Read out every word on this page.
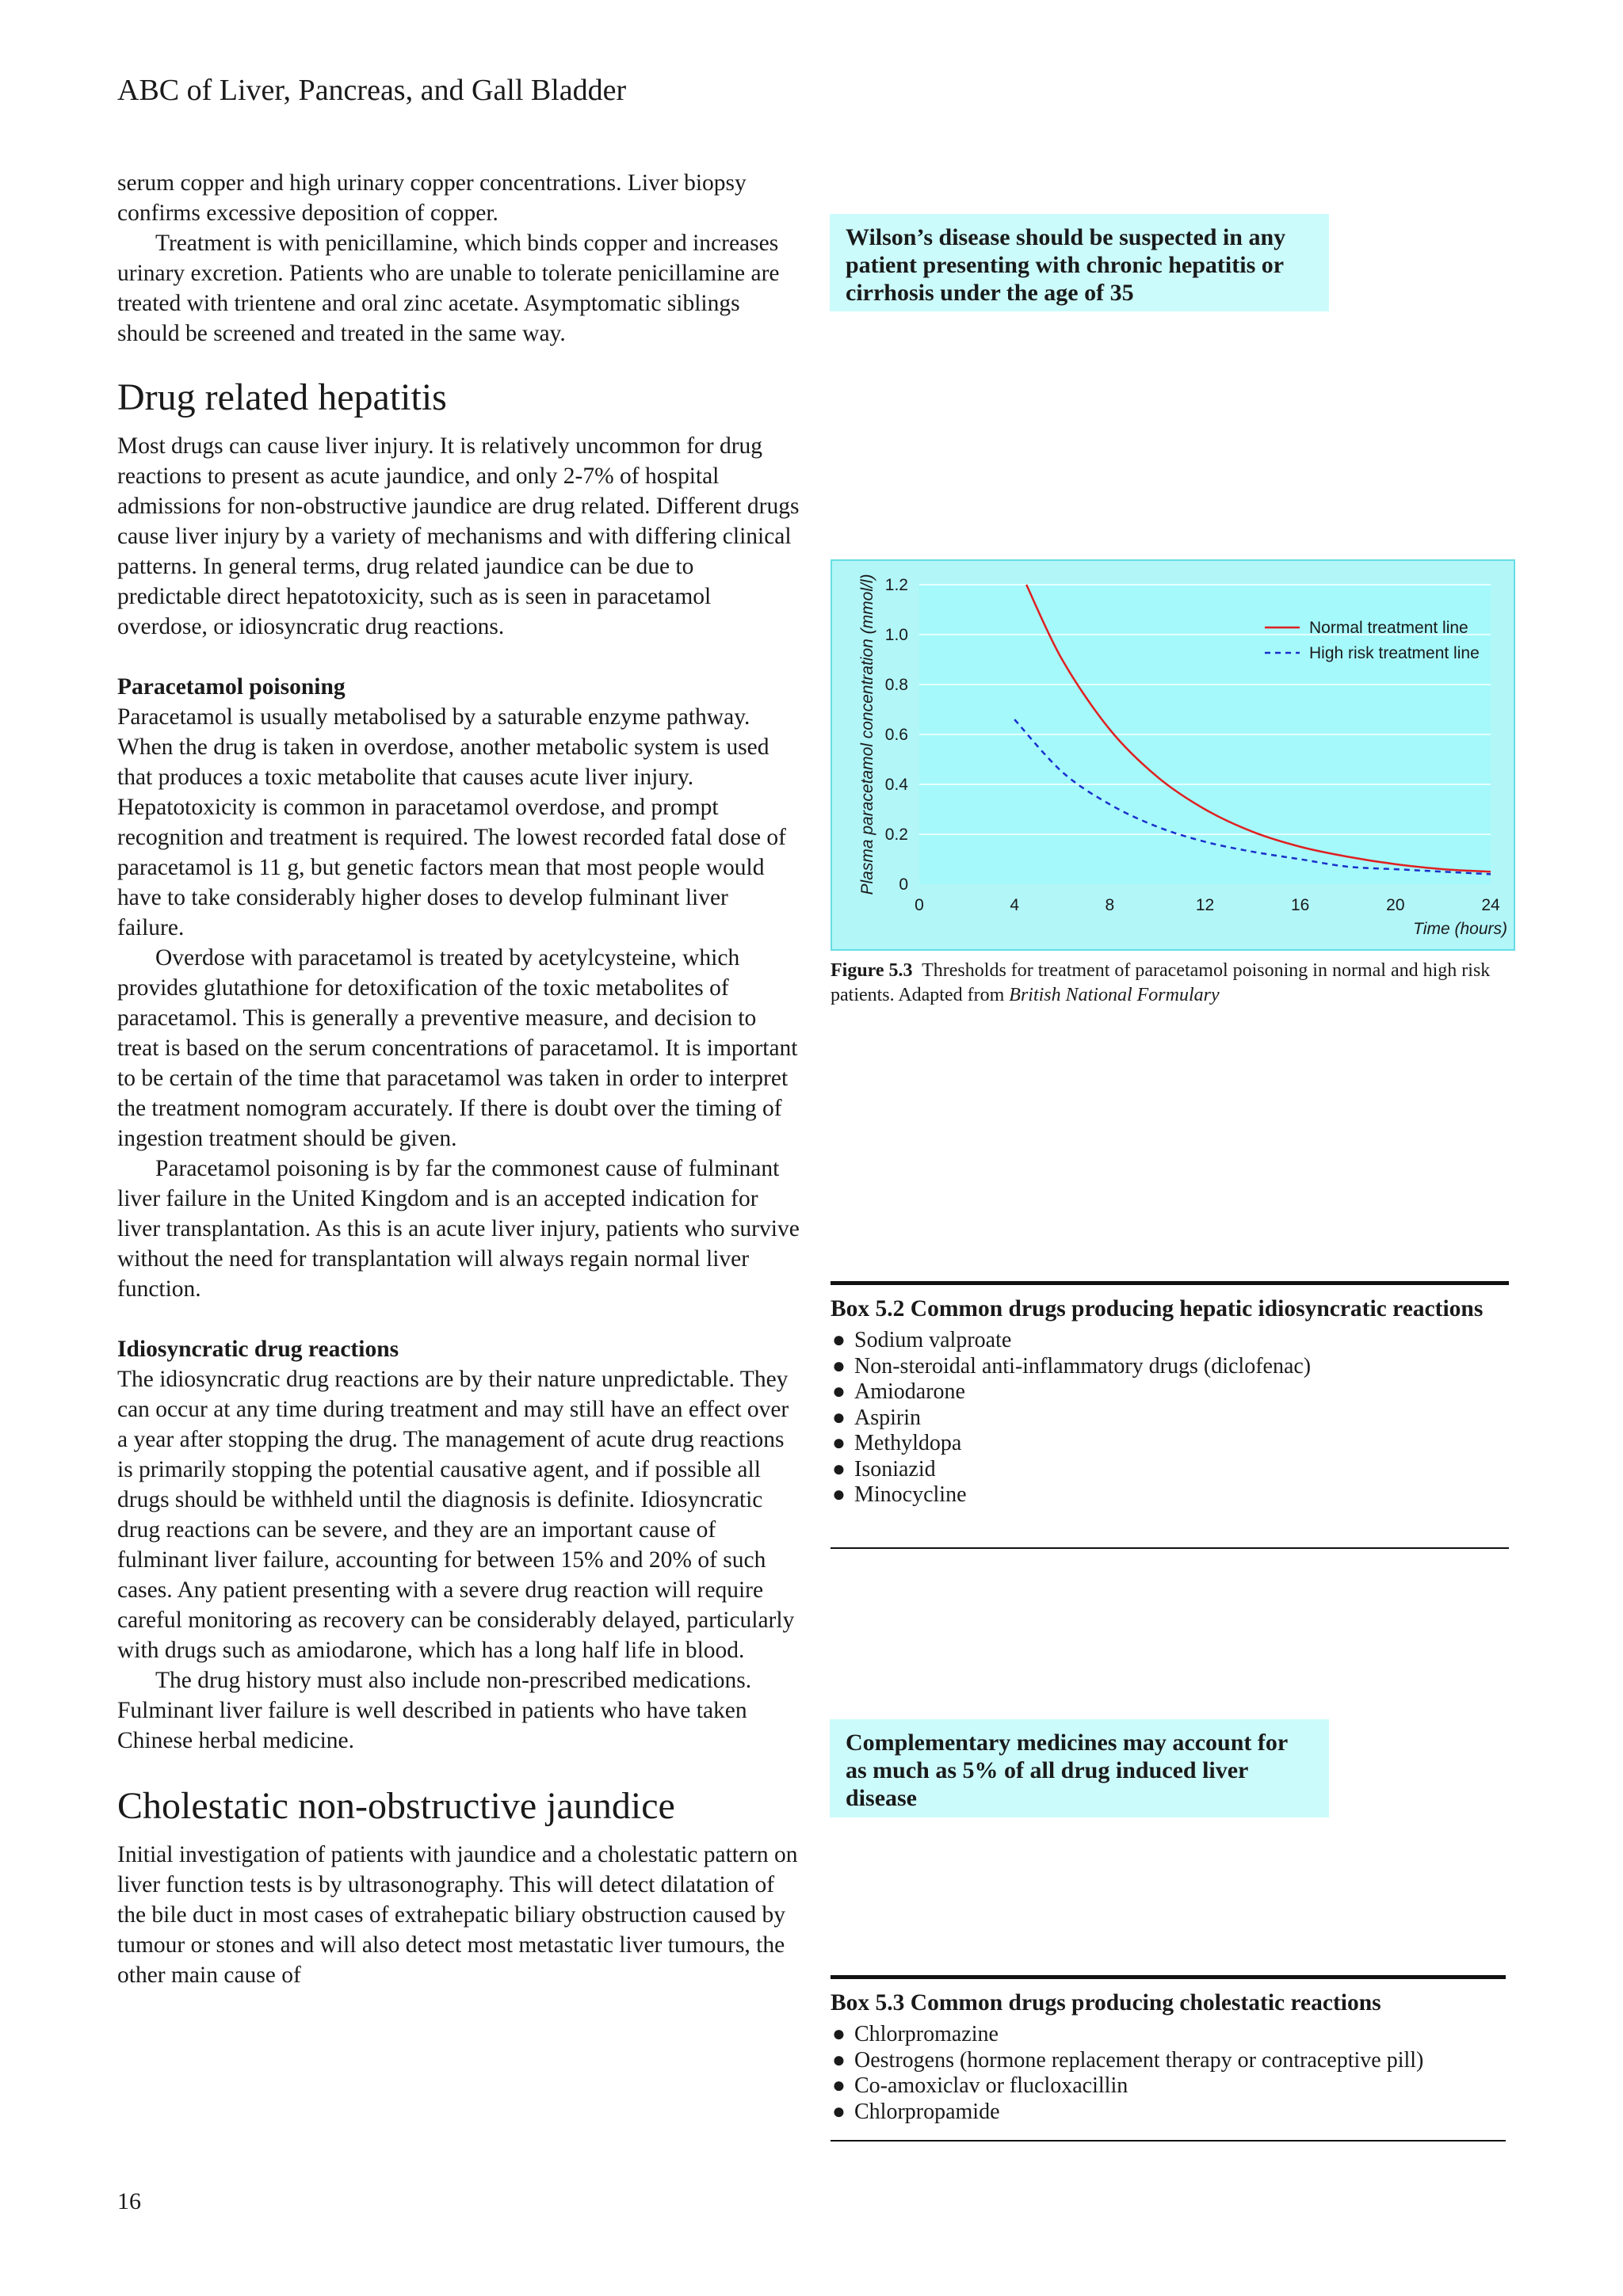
ABC of Liver, Pancreas, and Gall Bladder

serum copper and high urinary copper concentrations. Liver biopsy confirms excessive deposition of copper.

Treatment is with penicillamine, which binds copper and increases urinary excretion. Patients who are unable to tolerate penicillamine are treated with trientene and oral zinc acetate. Asymptomatic siblings should be screened and treated in the same way.

Drug related hepatitis

Most drugs can cause liver injury. It is relatively uncommon for drug reactions to present as acute jaundice, and only 2-7% of hospital admissions for non-obstructive jaundice are drug related. Different drugs cause liver injury by a variety of mechanisms and with differing clinical patterns. In general terms, drug related jaundice can be due to predictable direct hepatotoxicity, such as is seen in paracetamol overdose, or idiosyncratic drug reactions.

Paracetamol poisoning

Paracetamol is usually metabolised by a saturable enzyme pathway. When the drug is taken in overdose, another metabolic system is used that produces a toxic metabolite that causes acute liver injury. Hepatotoxicity is common in paracetamol overdose, and prompt recognition and treatment is required. The lowest recorded fatal dose of paracetamol is 11 g, but genetic factors mean that most people would have to take considerably higher doses to develop fulminant liver failure.

Overdose with paracetamol is treated by acetylcysteine, which provides glutathione for detoxification of the toxic metabolites of paracetamol. This is generally a preventive measure, and decision to treat is based on the serum concentrations of paracetamol. It is important to be certain of the time that paracetamol was taken in order to interpret the treatment nomogram accurately. If there is doubt over the timing of ingestion treatment should be given.

Paracetamol poisoning is by far the commonest cause of fulminant liver failure in the United Kingdom and is an accepted indication for liver transplantation. As this is an acute liver injury, patients who survive without the need for transplantation will always regain normal liver function.

Idiosyncratic drug reactions

The idiosyncratic drug reactions are by their nature unpredictable. They can occur at any time during treatment and may still have an effect over a year after stopping the drug. The management of acute drug reactions is primarily stopping the potential causative agent, and if possible all drugs should be withheld until the diagnosis is definite. Idiosyncratic drug reactions can be severe, and they are an important cause of fulminant liver failure, accounting for between 15% and 20% of such cases. Any patient presenting with a severe drug reaction will require careful monitoring as recovery can be considerably delayed, particularly with drugs such as amiodarone, which has a long half life in blood.

The drug history must also include non-prescribed medications. Fulminant liver failure is well described in patients who have taken Chinese herbal medicine.

Cholestatic non-obstructive jaundice

Initial investigation of patients with jaundice and a cholestatic pattern on liver function tests is by ultrasonography. This will detect dilatation of the bile duct in most cases of extrahepatic biliary obstruction caused by tumour or stones and will also detect most metastatic liver tumours, the other main cause of

Wilson’s disease should be suspected in any patient presenting with chronic hepatitis or cirrhosis under the age of 35
0
0.2
0.4
0.6
0.8
1.0
1.2
0	4	8	12	16	20	24
Normal treatment line
High risk treatment line
Plasma paracetamol concentration (mmol/l)
Time (hours)
Figure 5.3 Thresholds for treatment of paracetamol poisoning in normal and high risk patients. Adapted from British National Formulary
Box 5.2 Common drugs producing hepatic idiosyncratic reactions
● Sodium valproate
● Non-steroidal anti-inflammatory drugs (diclofenac)
● Amiodarone
● Aspirin
● Methyldopa
● Isoniazid
● Minocycline
Complementary medicines may account for as much as 5% of all drug induced liver disease
Box 5.3 Common drugs producing cholestatic reactions
● Chlorpromazine
● Oestrogens (hormone replacement therapy or contraceptive pill)
● Co-amoxiclav or flucloxacillin
● Chlorpropamide
16
